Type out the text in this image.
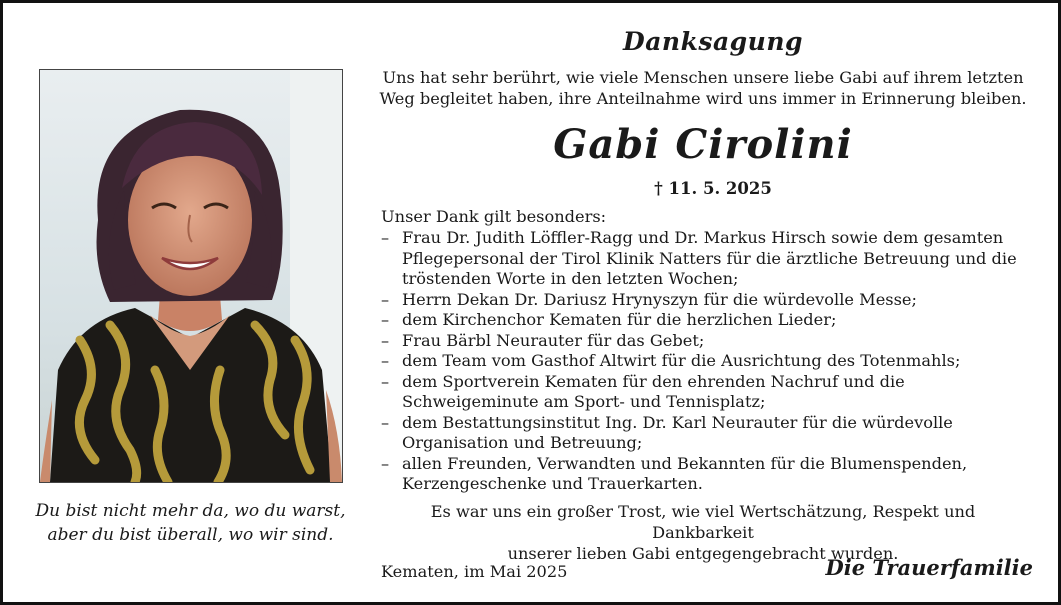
Du bist nicht mehr da, wo du warst,
aber du bist überall, wo wir sind.
Danksagung
Uns hat sehr berührt, wie viele Menschen unsere liebe Gabi auf ihrem letzten
Weg begleitet haben, ihre Anteilnahme wird uns immer in Erinnerung bleiben.
Gabi Cirolini
† 11. 5. 2025
Unser Dank gilt besonders:
– Frau Dr. Judith Löffler-Ragg und Dr. Markus Hirsch sowie dem gesamten
Pflegepersonal der Tirol Klinik Natters für die ärztliche Betreuung und die
tröstenden Worte in den letzten Wochen;
– Herrn Dekan Dr. Dariusz Hrynyszyn für die würdevolle Messe;
– dem Kirchenchor Kematen für die herzlichen Lieder;
– Frau Bärbl Neurauter für das Gebet;
– dem Team vom Gasthof Altwirt für die Ausrichtung des Totenmahls;
– dem Sportverein Kematen für den ehrenden Nachruf und die
Schweigeminute am Sport- und Tennisplatz;
– dem Bestattungsinstitut Ing. Dr. Karl Neurauter für die würdevolle
Organisation und Betreuung;
– allen Freunden, Verwandten und Bekannten für die Blumenspenden,
Kerzengeschenke und Trauerkarten.
Es war uns ein großer Trost, wie viel Wertschätzung, Respekt und Dankbarkeit
unserer lieben Gabi entgegengebracht wurden.
Kematen, im Mai 2025	Die Trauerfamilie
